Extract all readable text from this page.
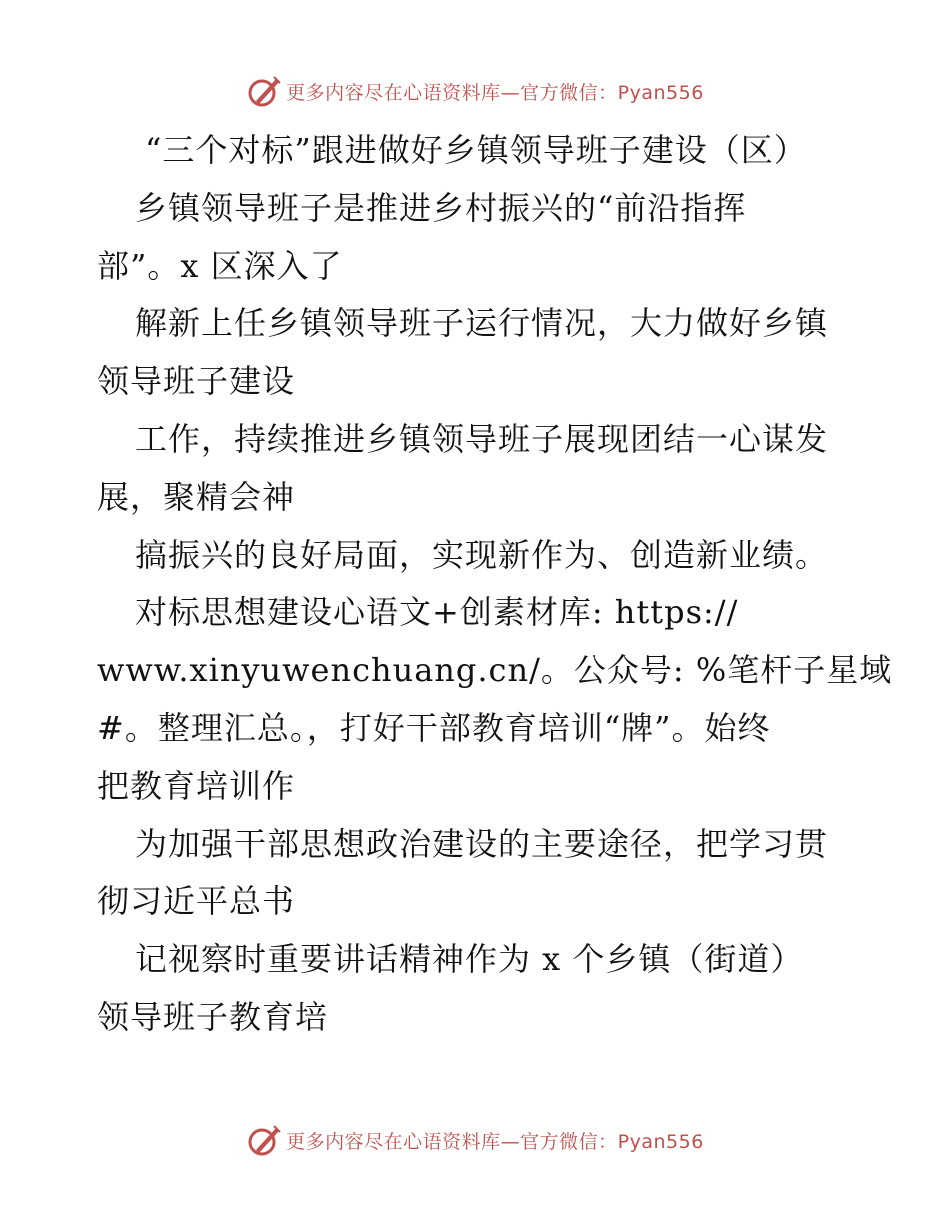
更多内容尽在心语资料库—官方微信：Pyan556
“三个对标”跟进做好乡镇领导班子建设（区）
乡镇领导班子是推进乡村振兴的“前沿指挥
部”。x 区深入了
解新上任乡镇领导班子运行情况，大力做好乡镇
领导班子建设
工作，持续推进乡镇领导班子展现团结一心谋发
展，聚精会神
搞振兴的良好局面，实现新作为、创造新业绩。
对标思想建设心语文+创素材库: https://
www.xinyuwenchuang.cn/。公众号: %笔杆子星域
#。整理汇总。，打好干部教育培训“牌”。始终
把教育培训作
为加强干部思想政治建设的主要途径，把学习贯
彻习近平总书
记视察时重要讲话精神作为 x 个乡镇（街道）
领导班子教育培
更多内容尽在心语资料库—官方微信：Pyan556
